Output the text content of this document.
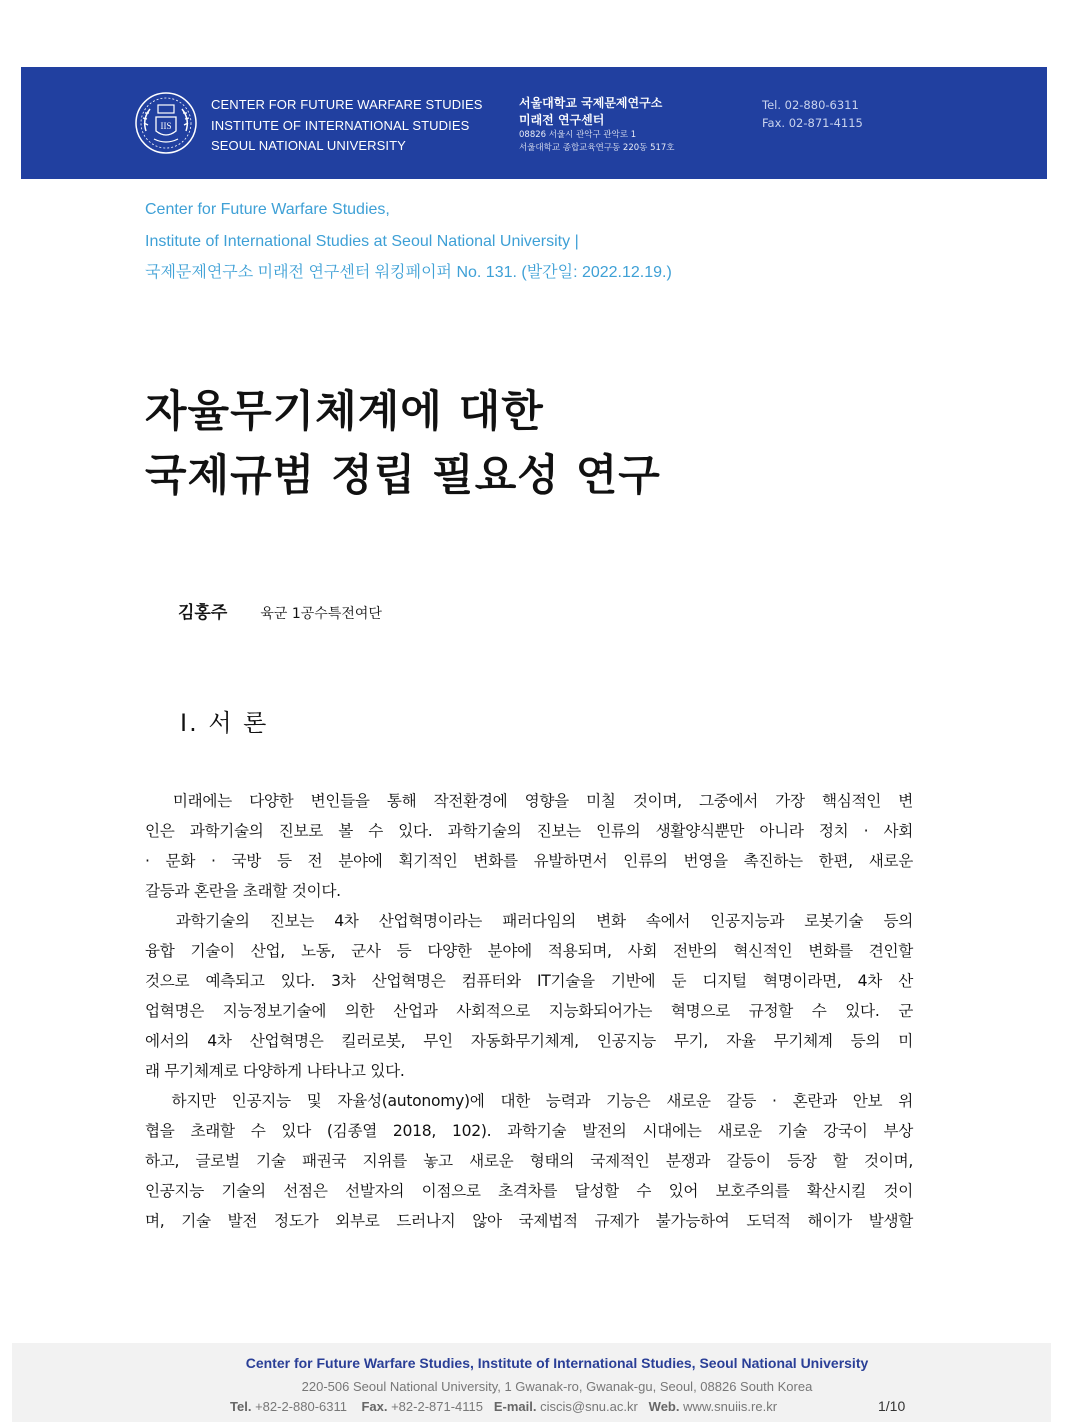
IIS
CENTER FOR FUTURE WARFARE STUDIES
INSTITUTE OF INTERNATIONAL STUDIES
SEOUL NATIONAL UNIVERSITY
서울대학교 국제문제연구소
미래전 연구센터
08826 서울시 관악구 관악로 1
서울대학교 종합교육연구동 220동 517호
Tel. 02-880-6311
Fax. 02-871-4115
Center for Future Warfare Studies,
Institute of International Studies at Seoul National University |
국제문제연구소 미래전 연구센터 워킹페이퍼 No. 131. (발간일: 2022.12.19.)
자율무기체계에 대한
국제규범 정립 필요성 연구
김홍주 육군 1공수특전여단
Ⅰ. 서 론
　미래에는 다양한 변인들을 통해 작전환경에 영향을 미칠 것이며, 그중에서 가장 핵심적인 변
인은 과학기술의 진보로 볼 수 있다. 과학기술의 진보는 인류의 생활양식뿐만 아니라 정치 · 사회
· 문화 · 국방 등 전 분야에 획기적인 변화를 유발하면서 인류의 번영을 촉진하는 한편, 새로운
갈등과 혼란을 초래할 것이다.
　과학기술의 진보는 4차 산업혁명이라는 패러다임의 변화 속에서 인공지능과 로봇기술 등의
융합 기술이 산업, 노동, 군사 등 다양한 분야에 적용되며, 사회 전반의 혁신적인 변화를 견인할
것으로 예측되고 있다. 3차 산업혁명은 컴퓨터와 IT기술을 기반에 둔 디지털 혁명이라면, 4차 산
업혁명은 지능정보기술에 의한 산업과 사회적으로 지능화되어가는 혁명으로 규정할 수 있다. 군
에서의 4차 산업혁명은 킬러로봇, 무인 자동화무기체계, 인공지능 무기, 자율 무기체계 등의 미
래 무기체계로 다양하게 나타나고 있다.
　하지만 인공지능 및 자율성(autonomy)에 대한 능력과 기능은 새로운 갈등 · 혼란과 안보 위
협을 초래할 수 있다 (김종열 2018, 102). 과학기술 발전의 시대에는 새로운 기술 강국이 부상
하고, 글로벌 기술 패권국 지위를 놓고 새로운 형태의 국제적인 분쟁과 갈등이 등장 할 것이며,
인공지능 기술의 선점은 선발자의 이점으로 초격차를 달성할 수 있어 보호주의를 확산시킬 것이
며, 기술 발전 정도가 외부로 드러나지 않아 국제법적 규제가 불가능하여 도덕적 해이가 발생할
Center for Future Warfare Studies, Institute of International Studies, Seoul National University
220-506 Seoul National University, 1 Gwanak-ro, Gwanak-gu, Seoul, 08826 South Korea
Tel. +82-2-880-6311 Fax. +82-2-871-4115 E-mail. ciscis@snu.ac.kr Web. www.snuiis.re.kr	1/10
